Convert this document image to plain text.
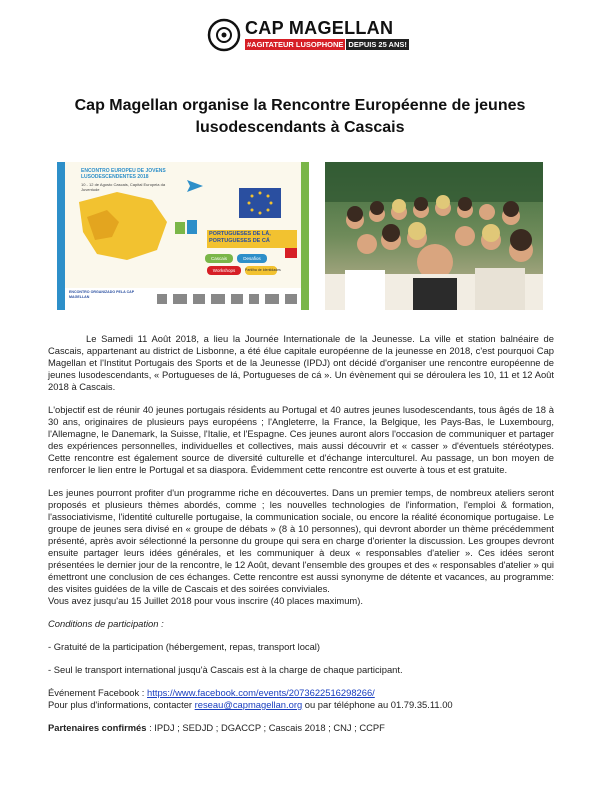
CAP MAGELLAN
#AGITATEUR LUSOPHONE DEPUIS 25 ANS!
Cap Magellan organise la Rencontre Européenne de jeunes lusodescendants à Cascais
ENCONTRO EUROPEU DE JOVENS LUSODESCENDENTES 2018
10 - 12 de Agosto Cascais, Capital Europeia da Juventude
PORTUGUESES DE LÁ, PORTUGUESES DE CÁ
Cascais	Desafios
Workshops	Partilha de Identidades
ENCONTRO ORGANIZADO PELA CAP MAGELLAN

Le Samedi 11 Août 2018, a lieu la Journée Internationale de la Jeunesse. La ville et station balnéaire de Cascais, appartenant au district de Lisbonne, a été élue capitale européenne de la jeunesse en 2018, c'est pourquoi Cap Magellan et l'Institut Portugais des Sports et de la Jeunesse (IPDJ) ont décidé d'organiser une rencontre européenne de jeunes lusodescendants, « Portugueses de lá, Portugueses de cá ». Un évènement qui se déroulera les 10, 11 et 12 Août 2018 à Cascais.

L'objectif est de réunir 40 jeunes portugais résidents au Portugal et 40 autres jeunes lusodescendants, tous âgés de 18 à 30 ans, originaires de plusieurs pays européens ; l'Angleterre, la France, la Belgique, les Pays-Bas, le Luxembourg, l'Allemagne, le Danemark, la Suisse, l'Italie, et l'Espagne. Ces jeunes auront alors l'occasion de communiquer et partager des expériences personnelles, individuelles et collectives, mais aussi découvrir et « casser » d'éventuels stéréotypes. Cette rencontre est également source de diversité culturelle et d'échange interculturel. Au passage, un bon moyen de renforcer le lien entre le Portugal et sa diaspora. Évidemment cette rencontre est ouverte à tous et est gratuite.

Les jeunes pourront profiter d'un programme riche en découvertes. Dans un premier temps, de nombreux ateliers seront proposés et plusieurs thèmes abordés, comme ; les nouvelles technologies de l'information, l'emploi & formation, l'associativisme, l'identité culturelle portugaise, la communication sociale, ou encore la réalité économique portugaise. Le groupe de jeunes sera divisé en « groupe de débats » (8 à 10 personnes), qui devront aborder un thème précédemment présenté, après avoir sélectionné la personne du groupe qui sera en charge d'orienter la discussion. Les groupes devront ensuite partager leurs idées générales, et les communiquer à deux « responsables d'atelier ». Ces idées seront présentées le dernier jour de la rencontre, le 12 Août, devant l'ensemble des groupes et des « responsables d'atelier » qui émettront une conclusion de ces échanges. Cette rencontre est aussi synonyme de détente et vacances, au programme: des visites guidées de la ville de Cascais et des soirées conviviales.
Vous avez jusqu'au 15 Juillet 2018 pour vous inscrire (40 places maximum).

Conditions de participation :

- Gratuité de la participation (hébergement, repas, transport local)

- Seul le transport international jusqu'à Cascais est à la charge de chaque participant.

Événement Facebook : https://www.facebook.com/events/2073622516298266/
Pour plus d'informations, contacter reseau@capmagellan.org ou par téléphone au 01.79.35.11.00
Partenaires confirmés : IPDJ ; SEDJD ; DGACCP ; Cascais 2018 ; CNJ ; CCPF
